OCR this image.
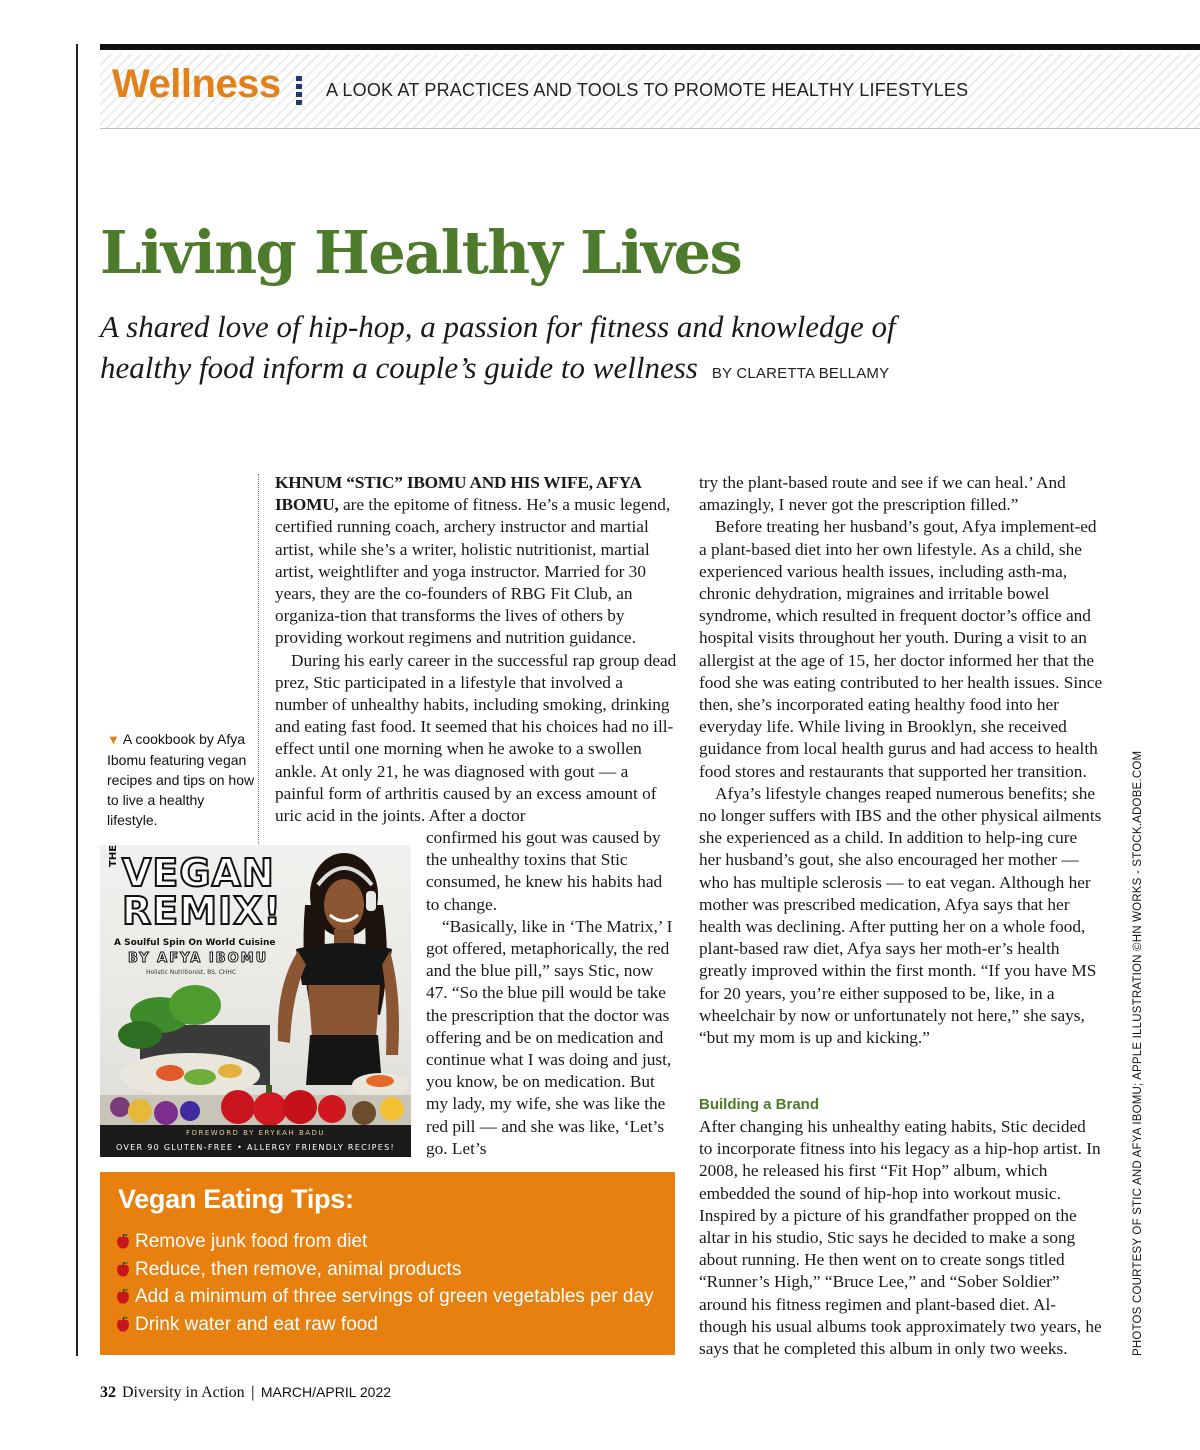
Wellness	A LOOK AT PRACTICES AND TOOLS TO PROMOTE HEALTHY LIFESTYLES
Living Healthy Lives
A shared love of hip-hop, a passion for fitness and knowledge of healthy food inform a couple’s guide to wellness BY CLARETTA BELLAMY
▼ A cookbook by Afya Ibomu featuring vegan recipes and tips on how to live a healthy lifestyle.

KHNUM “STIC” IBOMU AND HIS WIFE, AFYA IBOMU, are the epitome of fitness. He’s a music legend, certified running coach, archery instructor and martial artist, while she’s a writer, holistic nutritionist, martial artist, weightlifter and yoga instructor. Married for 30 years, they are the co-founders of RBG Fit Club, an organiza-tion that transforms the lives of others by providing workout regimens and nutrition guidance.

During his early career in the successful rap group dead prez, Stic participated in a lifestyle that involved a number of unhealthy habits, including smoking, drinking and eating fast food. It seemed that his choices had no ill-effect until one morning when he awoke to a swollen ankle. At only 21, he was diagnosed with gout — a painful form of arthritis caused by an excess amount of uric acid in the joints. After a doctor

confirmed his gout was caused by the unhealthy toxins that Stic consumed, he knew his habits had to change.

“Basically, like in ‘The Matrix,’ I got offered, metaphorically, the red and the blue pill,” says Stic, now 47. “So the blue pill would be take the prescription that the doctor was offering and be on medication and continue what I was doing and just, you know, be on medication. But my lady, my wife, she was like the red pill — and she was like, ‘Let’s go. Let’s

try the plant-based route and see if we can heal.’ And amazingly, I never got the prescription filled.”

Before treating her husband’s gout, Afya implement-ed a plant-based diet into her own lifestyle. As a child, she experienced various health issues, including asth-ma, chronic dehydration, migraines and irritable bowel syndrome, which resulted in frequent doctor’s office and hospital visits throughout her youth. During a visit to an allergist at the age of 15, her doctor informed her that the food she was eating contributed to her health issues. Since then, she’s incorporated eating healthy food into her everyday life. While living in Brooklyn, she received guidance from local health gurus and had access to health food stores and restaurants that supported her transition.

Afya’s lifestyle changes reaped numerous benefits; she no longer suffers with IBS and the other physical ailments she experienced as a child. In addition to help-ing cure her husband’s gout, she also encouraged her mother — who has multiple sclerosis — to eat vegan. Although her mother was prescribed medication, Afya says that her health was declining. After putting her on a whole food, plant-based raw diet, Afya says her moth-er’s health greatly improved within the first month. “If you have MS for 20 years, you’re either supposed to be, like, in a wheelchair by now or unfortunately not here,” she says, “but my mom is up and kicking.”

Building a Brand

After changing his unhealthy eating habits, Stic decided to incorporate fitness into his legacy as a hip-hop artist. In 2008, he released his first “Fit Hop” album, which embedded the sound of hip-hop into workout music. Inspired by a picture of his grandfather propped on the altar in his studio, Stic says he decided to make a song about running. He then went on to create songs titled “Runner’s High,” “Bruce Lee,” and “Sober Soldier” around his fitness regimen and plant-based diet. Al-though his usual albums took approximately two years, he says that he completed this album in only two weeks.

THE VEGAN
REMIX!
A Soulful Spin On World Cuisine
BY AFYA IBOMU
Holistic Nutritionist, BS, CHHC
FOREWORD BY ERYKAH BADU
OVER 90 GLUTEN-FREE • ALLERGY FRIENDLY RECIPES!
Vegan Eating Tips:
Remove junk food from diet
Reduce, then remove, animal products
Add a minimum of three servings of green vegetables per day
Drink water and eat raw food	PHOTOS COURTESY OF STIC AND AFYA IBOMU; APPLE ILLUSTRATION ©HN WORKS - STOCK.ADOBE.COM
32 Diversity in Action | MARCH/APRIL 2022
